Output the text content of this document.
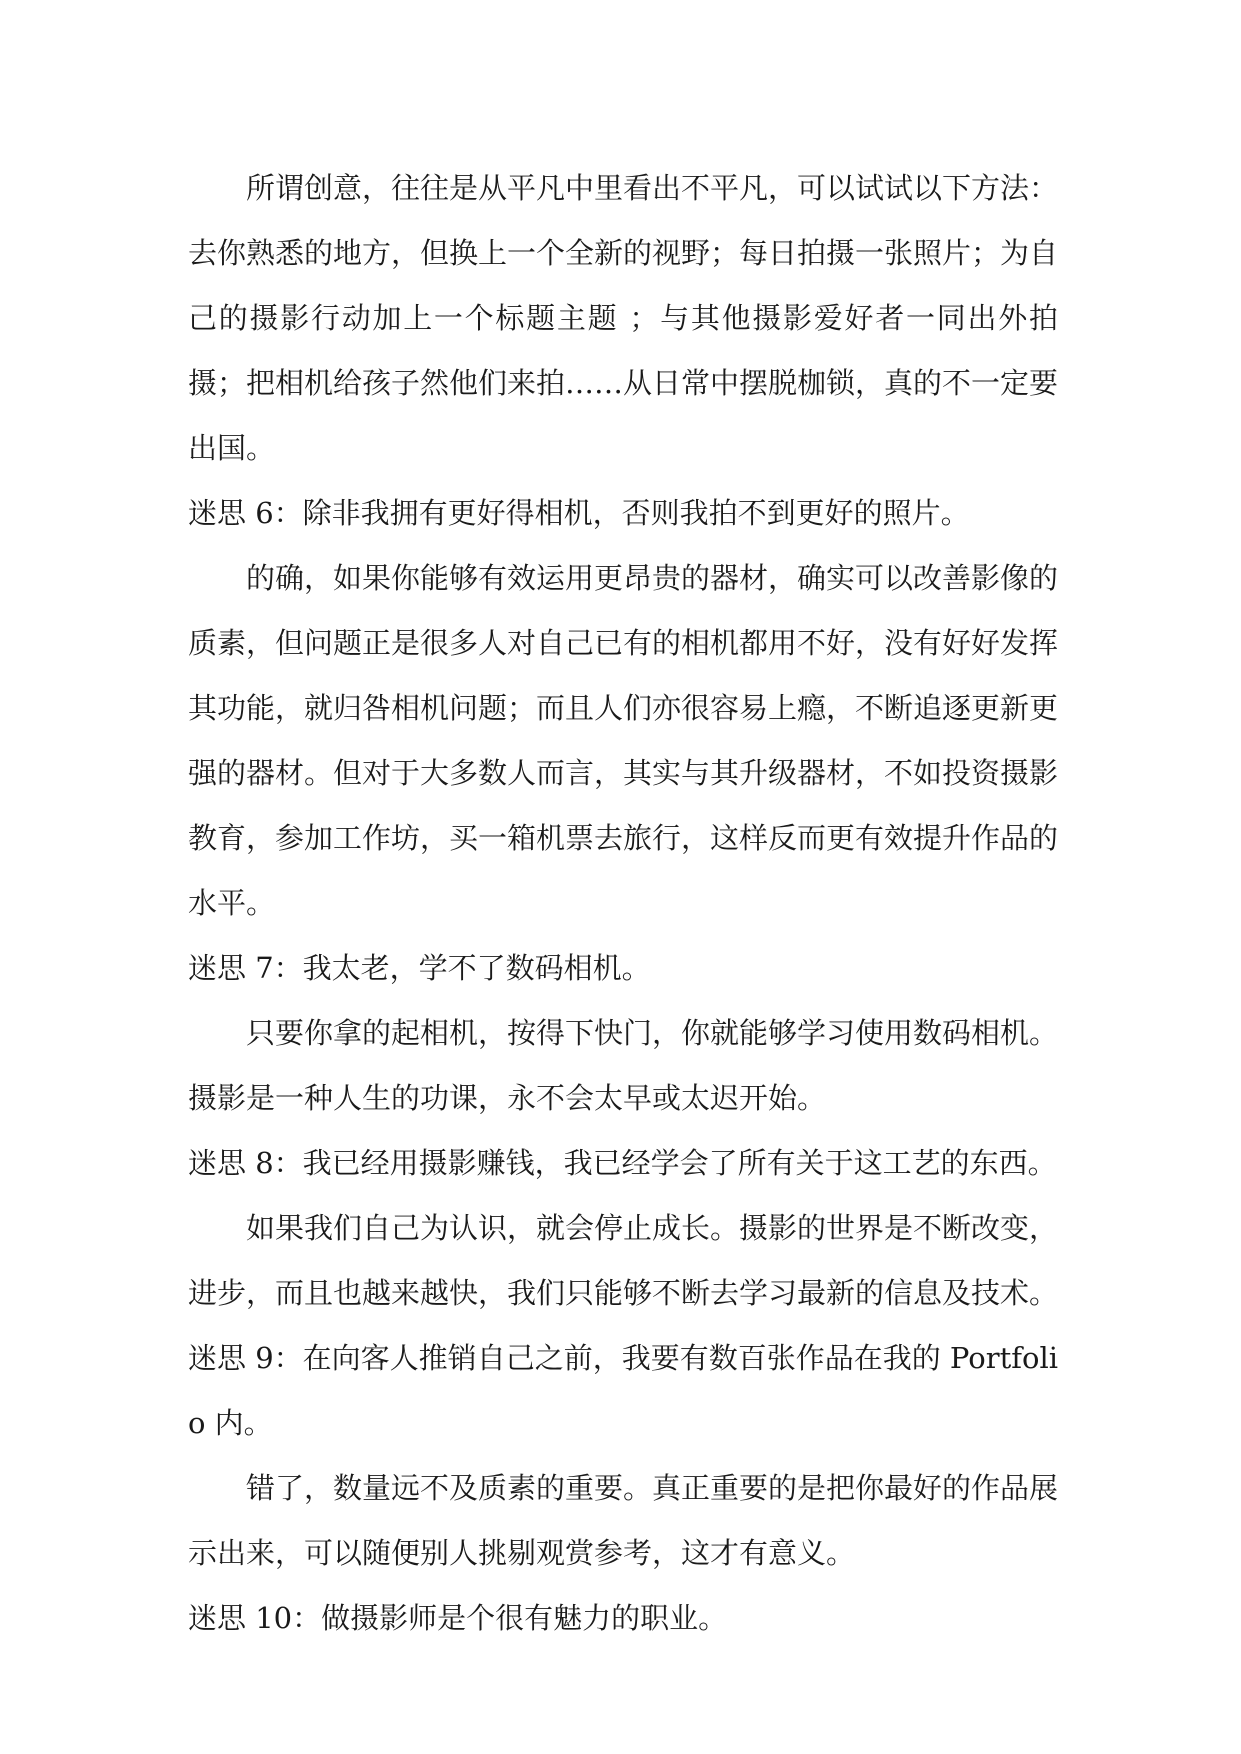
所谓创意，往往是从平凡中里看出不平凡，可以试试以下方法：去你熟悉的地方，但换上一个全新的视野；每日拍摄一张照片；为自己的摄影行动加上一个标题主题 ；与其他摄影爱好者一同出外拍摄；把相机给孩子然他们来拍……从日常中摆脱枷锁，真的不一定要出国。

迷思 6：除非我拥有更好得相机，否则我拍不到更好的照片。

的确，如果你能够有效运用更昂贵的器材，确实可以改善影像的质素，但问题正是很多人对自己已有的相机都用不好，没有好好发挥其功能，就归咎相机问题；而且人们亦很容易上瘾，不断追逐更新更强的器材。但对于大多数人而言，其实与其升级器材，不如投资摄影教育，参加工作坊，买一箱机票去旅行，这样反而更有效提升作品的水平。

迷思 7：我太老，学不了数码相机。

只要你拿的起相机，按得下快门，你就能够学习使用数码相机。摄影是一种人生的功课，永不会太早或太迟开始。

迷思 8：我已经用摄影赚钱，我已经学会了所有关于这工艺的东西。

如果我们自己为认识，就会停止成长。摄影的世界是不断改变，进步，而且也越来越快，我们只能够不断去学习最新的信息及技术。

迷思 9：在向客人推销自己之前，我要有数百张作品在我的 Portfolio 内。

错了，数量远不及质素的重要。真正重要的是把你最好的作品展示出来，可以随便别人挑剔观赏参考，这才有意义。

迷思 10：做摄影师是个很有魅力的职业。
